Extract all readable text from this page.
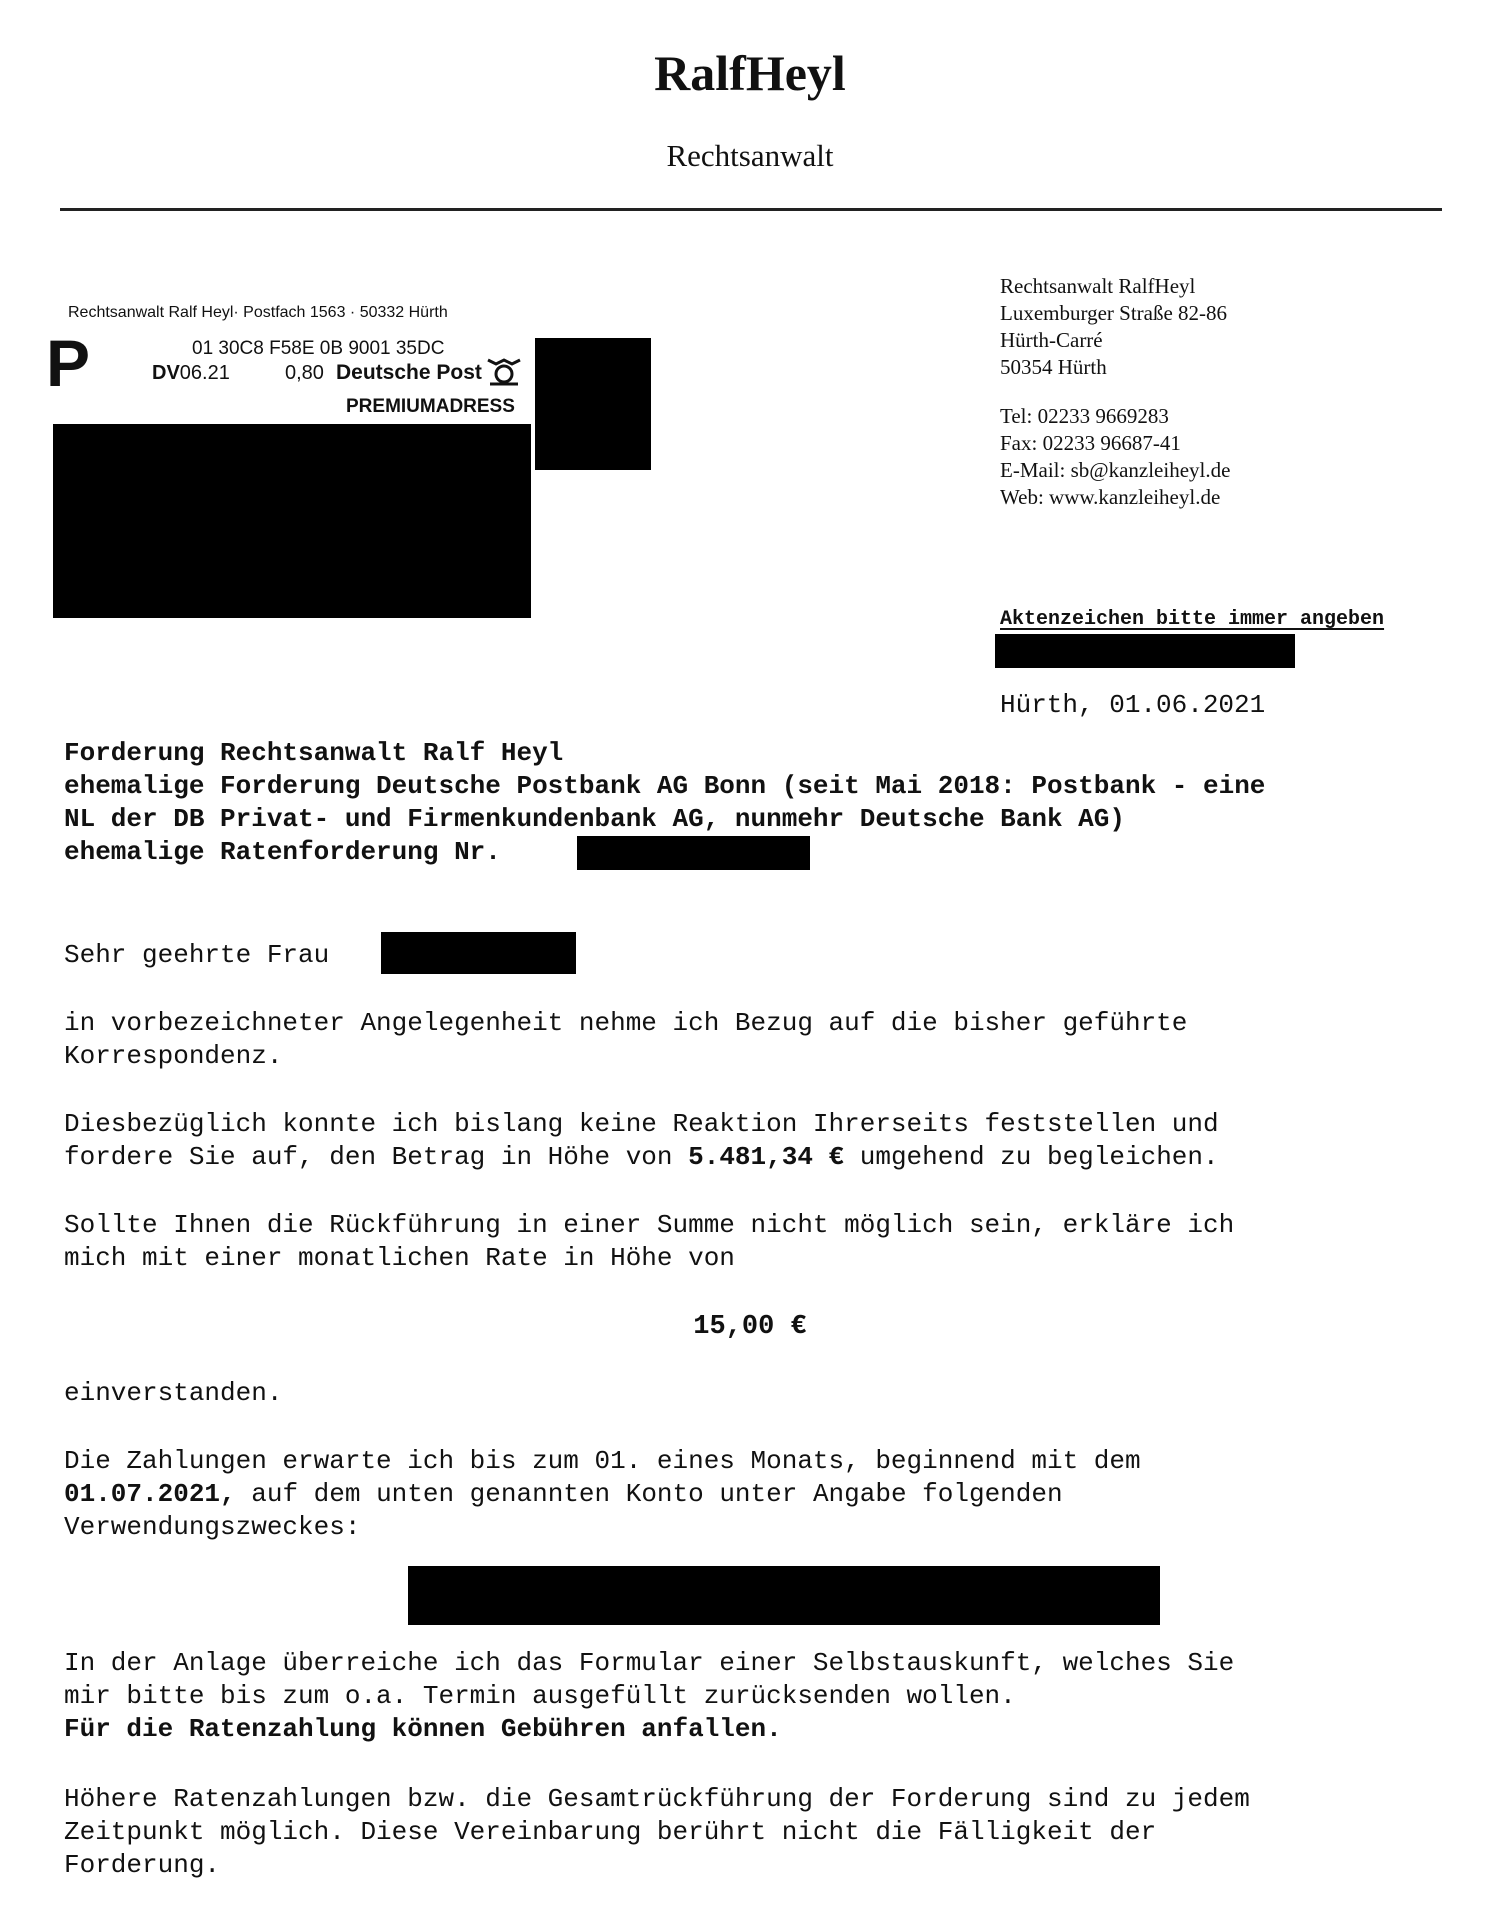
RalfHeyl
Rechtsanwalt
Rechtsanwalt Ralf Heyl· Postfach 1563 · 50332 Hürth
P	01 30C8 F58E 0B 9001 35DC
DV06.21	0,80 Deutsche Post
PREMIUMADRESS
Rechtsanwalt RalfHeyl
Luxemburger Straße 82-86
Hürth-Carré
50354 Hürth
Tel: 02233 9669283
Fax: 02233 96687-41
E-Mail: sb@kanzleiheyl.de
Web: www.kanzleiheyl.de
Aktenzeichen bitte immer angeben
Hürth, 01.06.2021
Forderung Rechtsanwalt Ralf Heyl
ehemalige Forderung Deutsche Postbank AG Bonn (seit Mai 2018: Postbank - eine
NL der DB Privat- und Firmenkundenbank AG, nunmehr Deutsche Bank AG)
ehemalige Ratenforderung Nr.
Sehr geehrte Frau
in vorbezeichneter Angelegenheit nehme ich Bezug auf die bisher geführte
Korrespondenz.
Diesbezüglich konnte ich bislang keine Reaktion Ihrerseits feststellen und
fordere Sie auf, den Betrag in Höhe von 5.481,34 € umgehend zu begleichen.
Sollte Ihnen die Rückführung in einer Summe nicht möglich sein, erkläre ich
mich mit einer monatlichen Rate in Höhe von
15,00 €
einverstanden.
Die Zahlungen erwarte ich bis zum 01. eines Monats, beginnend mit dem
01.07.2021, auf dem unten genannten Konto unter Angabe folgenden
Verwendungszweckes:
In der Anlage überreiche ich das Formular einer Selbstauskunft, welches Sie
mir bitte bis zum o.a. Termin ausgefüllt zurücksenden wollen.
Für die Ratenzahlung können Gebühren anfallen.
Höhere Ratenzahlungen bzw. die Gesamtrückführung der Forderung sind zu jedem
Zeitpunkt möglich. Diese Vereinbarung berührt nicht die Fälligkeit der
Forderung.
